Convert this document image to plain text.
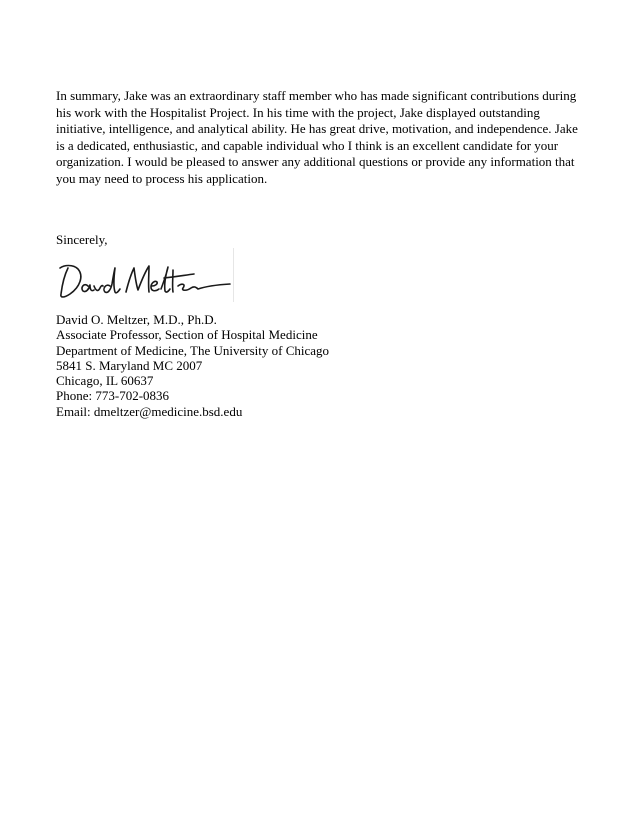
In summary, Jake was an extraordinary staff member who has made significant contributions during his work with the Hospitalist Project. In his time with the project, Jake displayed outstanding initiative, intelligence, and analytical ability. He has great drive, motivation, and independence. Jake is a dedicated, enthusiastic, and capable individual who I think is an excellent candidate for your organization. I would be pleased to answer any additional questions or provide any information that you may need to process his application.

Sincerely,

David O. Meltzer, M.D., Ph.D.
Associate Professor, Section of Hospital Medicine
Department of Medicine, The University of Chicago
5841 S. Maryland MC 2007
Chicago, IL 60637
Phone: 773-702-0836
Email: dmeltzer@medicine.bsd.edu
